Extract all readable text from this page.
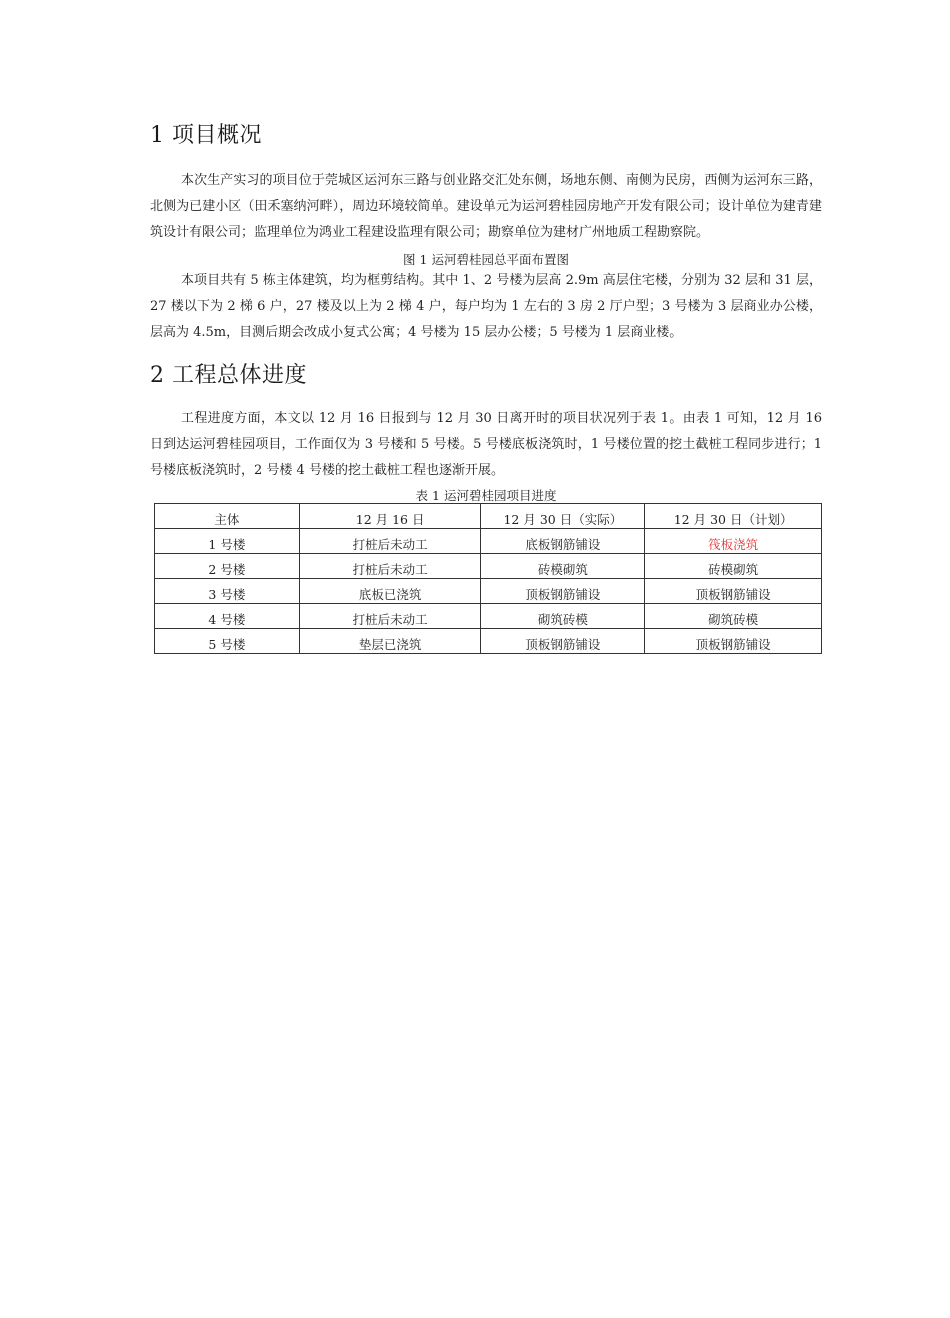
1 项目概况

本次生产实习的项目位于莞城区运河东三路与创业路交汇处东侧，场地东侧、南侧为民房，西侧为运河东三路，北侧为已建小区（田禾塞纳河畔），周边环境较简单。建设单元为运河碧桂园房地产开发有限公司；设计单位为建青建筑设计有限公司；监理单位为鸿业工程建设监理有限公司；勘察单位为建材广州地质工程勘察院。

图 1 运河碧桂园总平面布置图

本项目共有 5 栋主体建筑，均为框剪结构。其中 1、2 号楼为层高 2.9m 高层住宅楼，分别为 32 层和 31 层，27 楼以下为 2 梯 6 户，27 楼及以上为 2 梯 4 户，每户均为 1 左右的 3 房 2 厅户型；3 号楼为 3 层商业办公楼，层高为 4.5m，目测后期会改成小复式公寓；4 号楼为 15 层办公楼；5 号楼为 1 层商业楼。

2 工程总体进度

工程进度方面，本文以 12 月 16 日报到与 12 月 30 日离开时的项目状况列于表 1。由表 1 可知，12 月 16 日到达运河碧桂园项目，工作面仅为 3 号楼和 5 号楼。5 号楼底板浇筑时，1 号楼位置的挖土截桩工程同步进行；1 号楼底板浇筑时，2 号楼 4 号楼的挖土截桩工程也逐渐开展。

表 1 运河碧桂园项目进度

主体	12 月 16 日	12 月 30 日（实际）	12 月 30 日（计划）
1 号楼	打桩后未动工	底板钢筋铺设	筏板浇筑
2 号楼	打桩后未动工	砖模砌筑	砖模砌筑
3 号楼	底板已浇筑	顶板钢筋铺设	顶板钢筋铺设
4 号楼	打桩后未动工	砌筑砖模	砌筑砖模
5 号楼	垫层已浇筑	顶板钢筋铺设	顶板钢筋铺设
